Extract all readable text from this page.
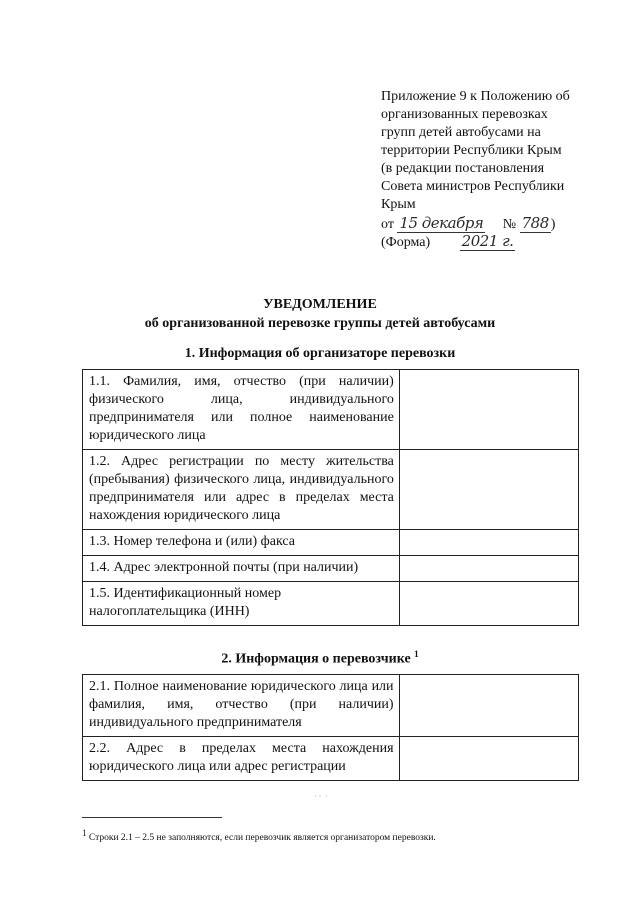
Приложение 9 к Положению об
организованных перевозках
групп детей автобусами на
территории Республики Крым
(в редакции постановления
Совета министров Республики
Крым
от 15 декабря № 788 )
(Форма) 2021 г.
УВЕДОМЛЕНИЕ
об организованной перевозке группы детей автобусами
1. Информация об организаторе перевозки
1.1. Фамилия, имя, отчество (при наличии) физического лица, индивидуального предпринимателя или полное наименование юридического лица	
1.2. Адрес регистрации по месту жительства (пребывания) физического лица, индивидуального предпринимателя или адрес в пределах места нахождения юридического лица	
1.3. Номер телефона и (или) факса	
1.4. Адрес электронной почты (при наличии)	
1.5. Идентификационный номер налогоплательщика (ИНН)	
2. Информация о перевозчике $^1$
2.1. Полное наименование юридического лица или фамилия, имя, отчество (при наличии) индивидуального предпринимателя	
2.2. Адрес в пределах места нахождения юридического лица или адрес регистрации	
· ·  ·
$^1$ Строки 2.1 – 2.5 не заполняются, если перевозчик является организатором перевозки.
